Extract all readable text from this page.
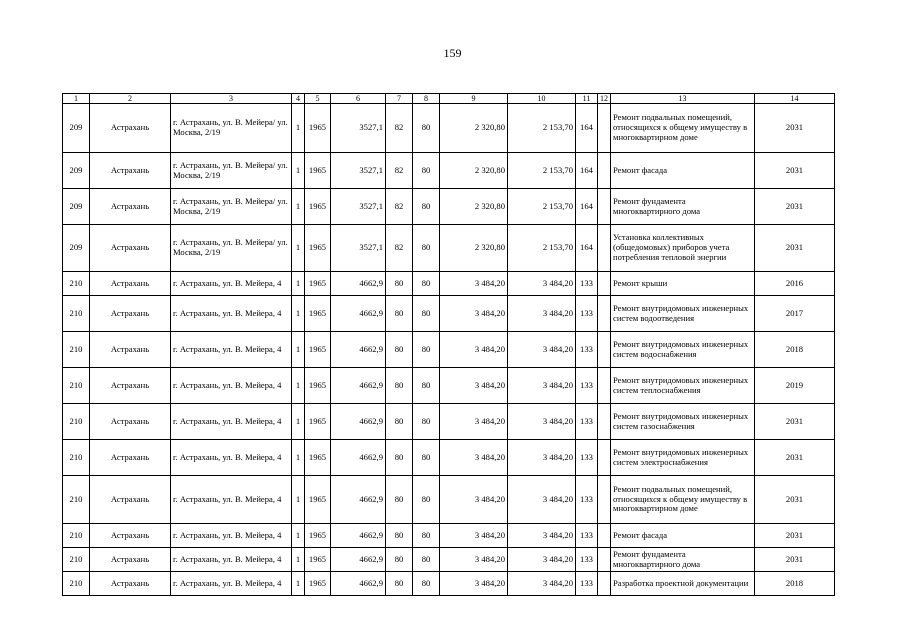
159
1	2	3	4	5	6	7	8	9	10	11	12	13	14
209	Астрахань	г. Астрахань, ул. В. Мейера/ ул. Москва, 2/19	1	1965	3527,1	82	80	2 320,80	2 153,70	164		Ремонт подвальных помещений, относящихся к общему имуществу в многоквартирном доме	2031
209	Астрахань	г. Астрахань, ул. В. Мейера/ ул. Москва, 2/19	1	1965	3527,1	82	80	2 320,80	2 153,70	164		Ремонт фасада	2031
209	Астрахань	г. Астрахань, ул. В. Мейера/ ул. Москва, 2/19	1	1965	3527,1	82	80	2 320,80	2 153,70	164		Ремонт фундамента многоквартирного дома	2031
209	Астрахань	г. Астрахань, ул. В. Мейера/ ул. Москва, 2/19	1	1965	3527,1	82	80	2 320,80	2 153,70	164		Установка коллективных (общедомовых) приборов учета потребления тепловой энергии	2031
210	Астрахань	г. Астрахань, ул. В. Мейера, 4	1	1965	4662,9	80	80	3 484,20	3 484,20	133		Ремонт крыши	2016
210	Астрахань	г. Астрахань, ул. В. Мейера, 4	1	1965	4662,9	80	80	3 484,20	3 484,20	133		Ремонт внутридомовых инженерных систем водоотведения	2017
210	Астрахань	г. Астрахань, ул. В. Мейера, 4	1	1965	4662,9	80	80	3 484,20	3 484,20	133		Ремонт внутридомовых инженерных систем водоснабжения	2018
210	Астрахань	г. Астрахань, ул. В. Мейера, 4	1	1965	4662,9	80	80	3 484,20	3 484,20	133		Ремонт внутридомовых инженерных систем теплоснабжения	2019
210	Астрахань	г. Астрахань, ул. В. Мейера, 4	1	1965	4662,9	80	80	3 484,20	3 484,20	133		Ремонт внутридомовых инженерных систем газоснабжения	2031
210	Астрахань	г. Астрахань, ул. В. Мейера, 4	1	1965	4662,9	80	80	3 484,20	3 484,20	133		Ремонт внутридомовых инженерных систем электроснабжения	2031
210	Астрахань	г. Астрахань, ул. В. Мейера, 4	1	1965	4662,9	80	80	3 484,20	3 484,20	133		Ремонт подвальных помещений, относящихся к общему имуществу в многоквартирном доме	2031
210	Астрахань	г. Астрахань, ул. В. Мейера, 4	1	1965	4662,9	80	80	3 484,20	3 484,20	133		Ремонт фасада	2031
210	Астрахань	г. Астрахань, ул. В. Мейера, 4	1	1965	4662,9	80	80	3 484,20	3 484,20	133		Ремонт фундамента многоквартирного дома	2031
210	Астрахань	г. Астрахань, ул. В. Мейера, 4	1	1965	4662,9	80	80	3 484,20	3 484,20	133		Разработка проектной документации	2018
